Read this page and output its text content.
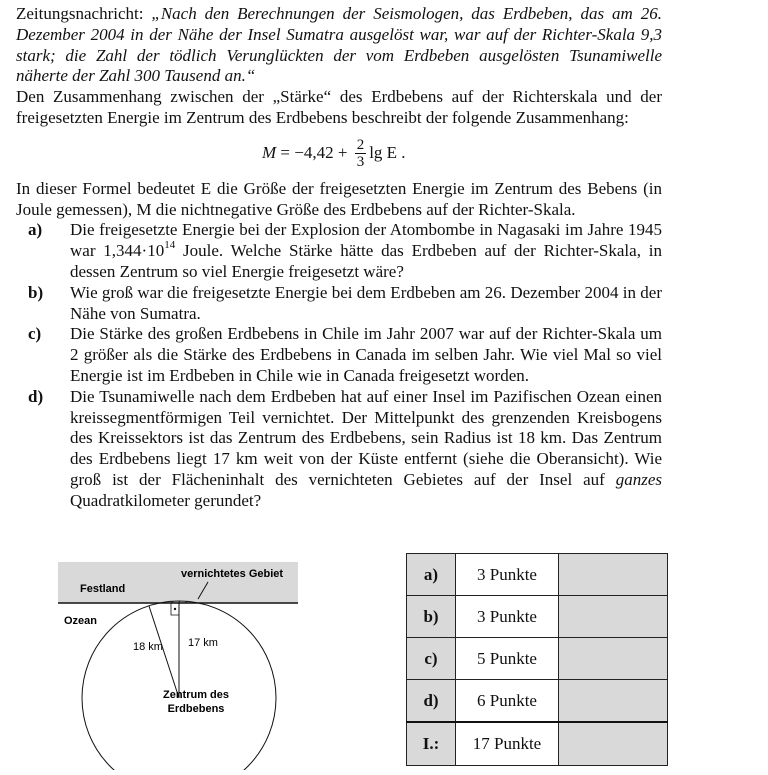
Zeitungsnachricht: „Nach den Berechnungen der Seismologen, das Erdbeben, das am 26. Dezember 2004 in der Nähe der Insel Sumatra ausgelöst war, war auf der Richter-Skala 9,3 stark; die Zahl der tödlich Verunglückten der vom Erdbeben ausgelösten Tsunamiwelle näherte der Zahl 300 Tausend an.“

Den Zusammenhang zwischen der „Stärke“ des Erdbebens auf der Richterskala und der freigesetzten Energie im Zentrum des Erdbebens beschreibt der folgende Zusammenhang:

$M = -4,42 + \frac{2}{3}$ lg E .

In dieser Formel bedeutet E die Größe der freigesetzten Energie im Zentrum des Bebens (in Joule gemessen), M die nichtnegative Größe des Erdbebens auf der Richter-Skala.

a)	Die freigesetzte Energie bei der Explosion der Atombombe in Nagasaki im Jahre 1945 war $1,344\cdot 10^{14}$ Joule. Welche Stärke hätte das Erdbeben auf der Richter-Skala, in dessen Zentrum so viel Energie freigesetzt wäre?
b)	Wie groß war die freigesetzte Energie bei dem Erdbeben am 26. Dezember 2004 in der Nähe von Sumatra.
c)	Die Stärke des großen Erdbebens in Chile im Jahr 2007 war auf der Richter-Skala um 2 größer als die Stärke des Erdbebens in Canada im selben Jahr. Wie viel Mal so viel Energie ist im Erdbeben in Chile wie in Canada freigesetzt worden.
d)	Die Tsunamiwelle nach dem Erdbeben hat auf einer Insel im Pazifischen Ozean einen kreissegmentförmigen Teil vernichtet. Der Mittelpunkt des grenzenden Kreisbogens des Kreissektors ist das Zentrum des Erdbebens, sein Radius ist 18 km. Das Zentrum des Erdbebens liegt 17 km weit von der Küste entfernt (siehe die Oberansicht). Wie groß ist der Flächeninhalt des vernichteten Gebietes auf der Insel auf ganzes Quadratkilometer gerundet?
vernichtetes Gebiet
Festland
Ozean
18 km 17 km
Zentrum des
Erdbebens
a)	3 Punkte	
b)	3 Punkte	
c)	5 Punkte	
d)	6 Punkte	
I.:	17 Punkte	
